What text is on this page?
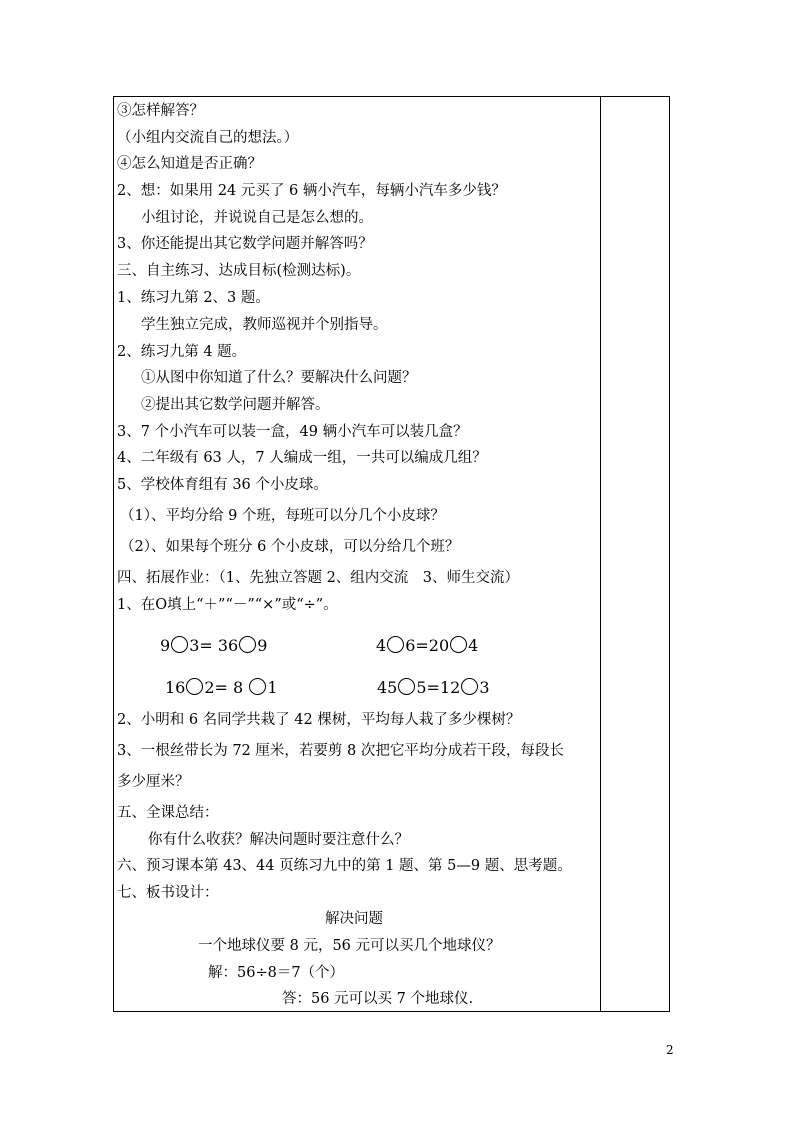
③怎样解答？
（小组内交流自己的想法。）
④怎么知道是否正确？
2、想：如果用 24 元买了 6 辆小汽车，每辆小汽车多少钱？
小组讨论，并说说自己是怎么想的。
3、你还能提出其它数学问题并解答吗？
三、自主练习、达成目标(检测达标)。
1、练习九第 2、3 题。
学生独立完成，教师巡视并个别指导。
2、练习九第 4 题。
①从图中你知道了什么？要解决什么问题？
②提出其它数学问题并解答。
3、7 个小汽车可以装一盒，49 辆小汽车可以装几盒？
4、二年级有 63 人，7 人编成一组，一共可以编成几组？
5、学校体育组有 36 个小皮球。
（1）、平均分给 9 个班，每班可以分几个小皮球？
（2）、如果每个班分 6 个小皮球，可以分给几个班？
四、拓展作业：（1、先独立答题 2、组内交流　3、师生交流）
1、在O填上“＋”“－”“×”或“÷”。
9 3= 36 9	4 6=20 4
16 2= 8 1	45 5=12 3
2、小明和 6 名同学共栽了 42 棵树，平均每人栽了多少棵树？
3、一根丝带长为 72 厘米，若要剪 8 次把它平均分成若干段，每段长
多少厘米？
五、全课总结：
你有什么收获？解决问题时要注意什么？
六、预习课本第 43、44 页练习九中的第 1 题、第 5—9 题、思考题。
七、板书设计：
解决问题
一个地球仪要 8 元，56 元可以买几个地球仪？
解：56÷8＝7（个）
答：56 元可以买 7 个地球仪.
2
